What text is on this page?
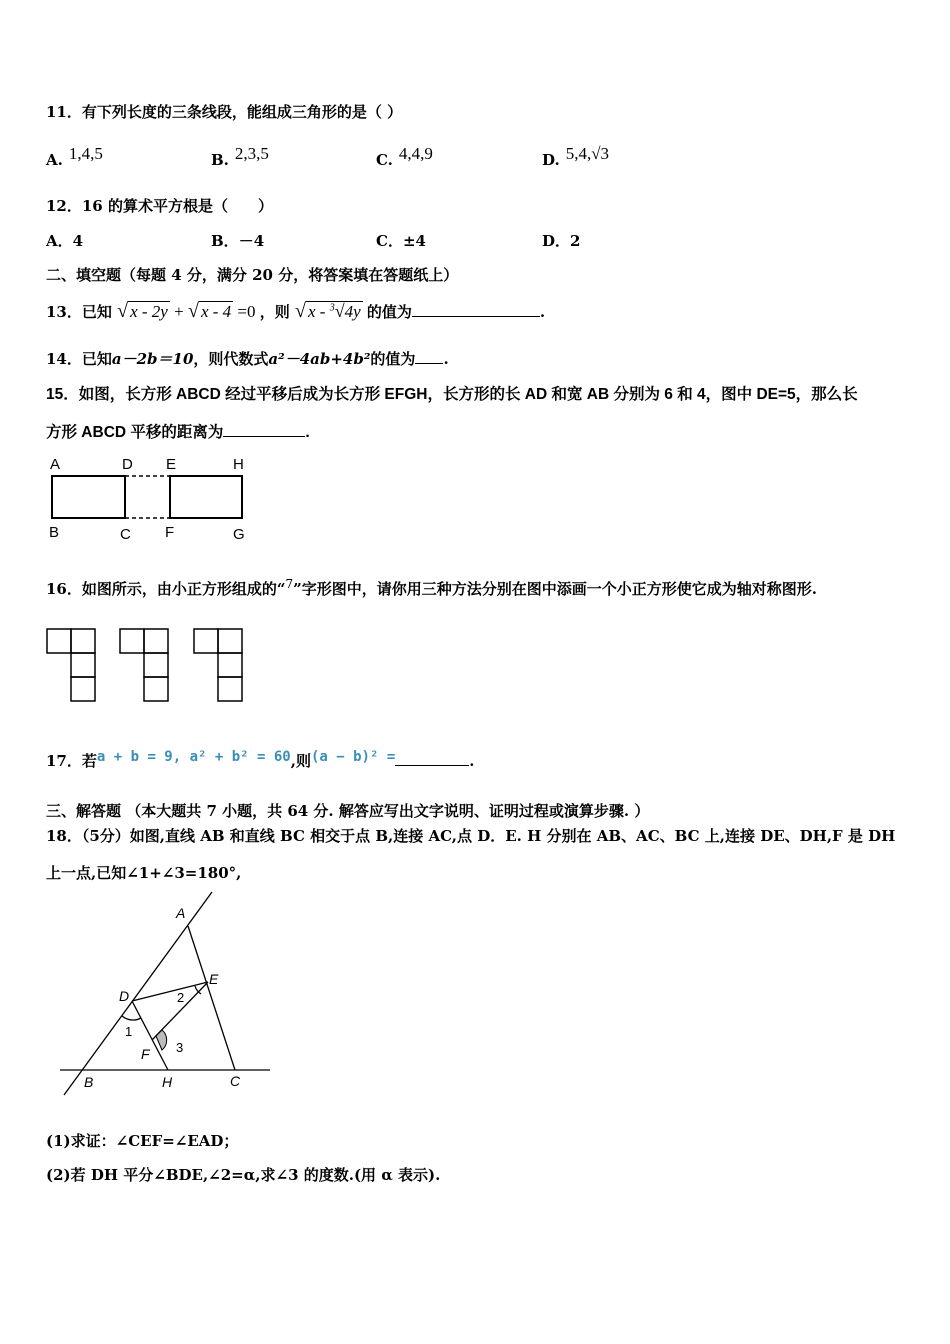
11．有下列长度的三条线段，能组成三角形的是（ ）
A. 1,4,5	B. 2,3,5	C. 4,4,9	D. 5,4,√3
12．16 的算术平方根是（　　）
A．4	B．－4	C．±4	D．2
二、填空题（每题 4 分，满分 20 分，将答案填在答题纸上）
13．已知 √ x - 2y + √ x - 4 =0 ，则 √ x - $^3$√4y 的值为	.
14．已知a－2b＝10，则代数式a²－4ab+4b²的值为 .
15．如图，长方形 ABCD 经过平移后成为长方形 EFGH，长方形的长 AD 和宽 AB 分别为 6 和 4，图中 DE=5，那么长
方形 ABCD 平移的距离为	.
A	D E	H
B	C F	G
16．如图所示，由小正方形组成的“$^7$”字形图中，请你用三种方法分别在图中添画一个小正方形使它成为轴对称图形.
17．若a + b = 9, a² + b² = 60,则(a − b)² =	.
三、解答题 （本大题共 7 小题，共 64 分. 解答应写出文字说明、证明过程或演算步骤. ）
18．（5分）如图,直线 AB 和直线 BC 相交于点 B,连接 AC,点 D．E. H 分别在 AB、AC、BC 上,连接 DE、DH,F 是 DH
上一点,已知∠1+∠3=180°,
A
D
E
F
B	H	C
1
2
3
(1)求证：∠CEF=∠EAD；
(2)若 DH 平分∠BDE,∠2=α,求∠3 的度数.(用 α 表示).
